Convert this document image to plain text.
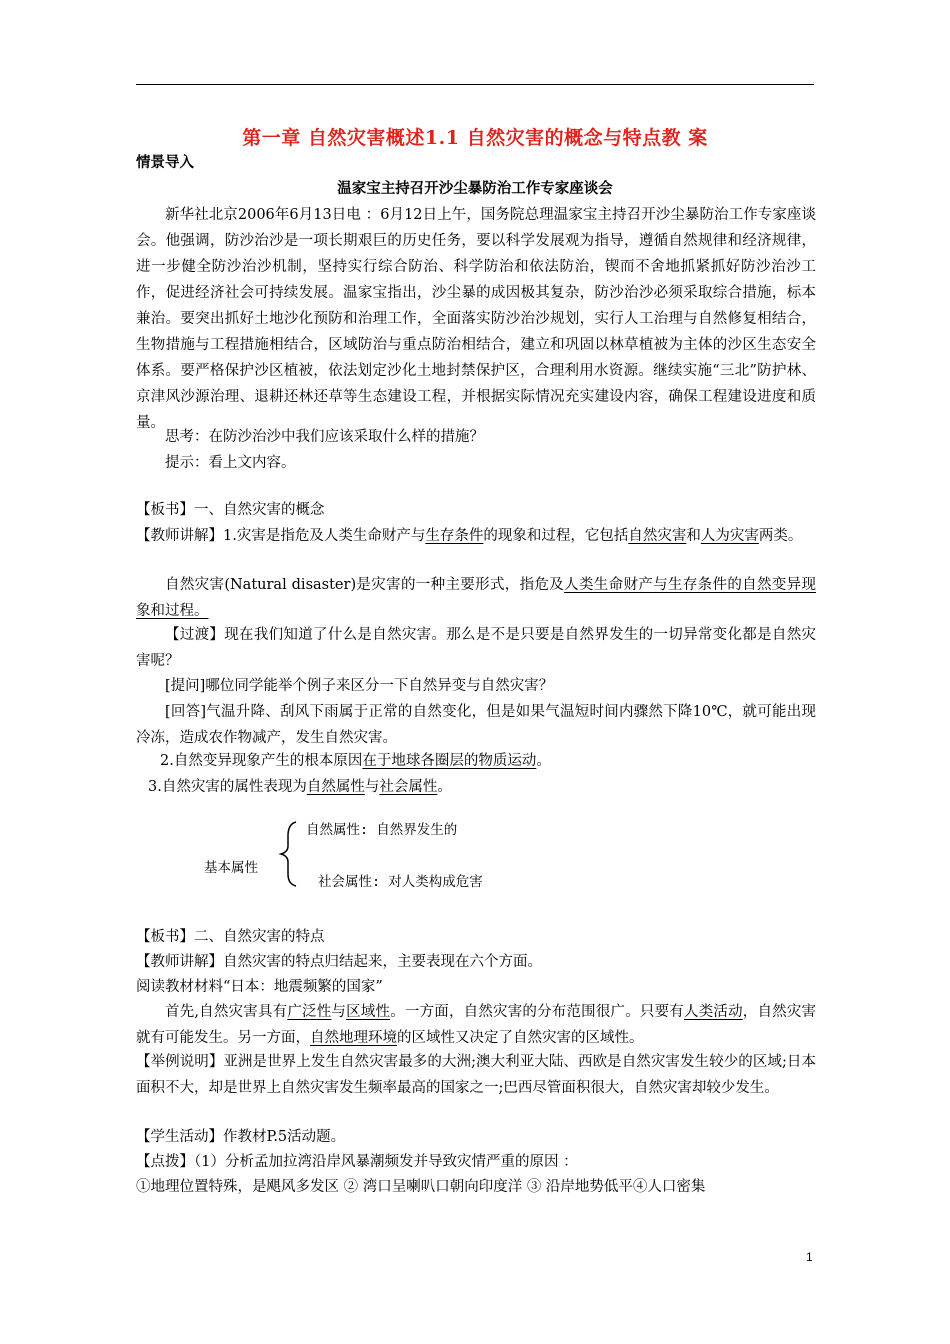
第一章 自然灾害概述1.1 自然灾害的概念与特点教 案
情景导入
温家宝主持召开沙尘暴防治工作专家座谈会
新华社北京2006年6月13日电 ：6月12日上午，国务院总理温家宝主持召开沙尘暴防治工作专家座谈会。他强调，防沙治沙是一项长期艰巨的历史任务，要以科学发展观为指导，遵循自然规律和经济规律，进一步健全防沙治沙机制，坚持实行综合防治、科学防治和依法防治，锲而不舍地抓紧抓好防沙治沙工作，促进经济社会可持续发展。温家宝指出，沙尘暴的成因极其复杂，防沙治沙必须采取综合措施，标本兼治。要突出抓好土地沙化预防和治理工作，全面落实防沙治沙规划，实行人工治理与自然修复相结合，生物措施与工程措施相结合，区域防治与重点防治相结合，建立和巩固以林草植被为主体的沙区生态安全体系。要严格保护沙区植被，依法划定沙化土地封禁保护区，合理利用水资源。继续实施“三北”防护林、京津风沙源治理、退耕还林还草等生态建设工程，并根据实际情况充实建设内容，确保工程建设进度和质量。
思考：在防沙治沙中我们应该采取什么样的措施？
提示：看上文内容。
【板书】一、自然灾害的概念
【教师讲解】1.灾害是指危及人类生命财产与生存条件的现象和过程，它包括自然灾害和人为灾害两类。
自然灾害(Natural disaster)是灾害的一种主要形式，指危及人类生命财产与生存条件的自然变异现象和过程。
【过渡】现在我们知道了什么是自然灾害。那么是不是只要是自然界发生的一切异常变化都是自然灾害呢？
[提问]哪位同学能举个例子来区分一下自然异变与自然灾害？
[回答]气温升降、刮风下雨属于正常的自然变化，但是如果气温短时间内骤然下降10℃，就可能出现冷冻，造成农作物减产，发生自然灾害。
2.自然变异现象产生的根本原因在于地球各圈层的物质运动。
3.自然灾害的属性表现为自然属性与社会属性。
基本属性
自然属性: 自然界发生的
社会属性: 对人类构成危害
【板书】二、自然灾害的特点
【教师讲解】自然灾害的特点归结起来，主要表现在六个方面。
阅读教材材料“日本：地震频繁的国家”
首先,自然灾害具有广泛性与区域性。一方面，自然灾害的分布范围很广。只要有人类活动，自然灾害就有可能发生。另一方面，自然地理环境的区域性又决定了自然灾害的区域性。
【举例说明】亚洲是世界上发生自然灾害最多的大洲;澳大利亚大陆、西欧是自然灾害发生较少的区域;日本面积不大，却是世界上自然灾害发生频率最高的国家之一;巴西尽管面积很大，自然灾害却较少发生。
【学生活动】作教材P.5活动题。
【点拨】（1）分析孟加拉湾沿岸风暴潮频发并导致灾情严重的原因 ：
①地理位置特殊，是飓风多发区 ② 湾口呈喇叭口朝向印度洋 ③ 沿岸地势低平④人口密集
1
